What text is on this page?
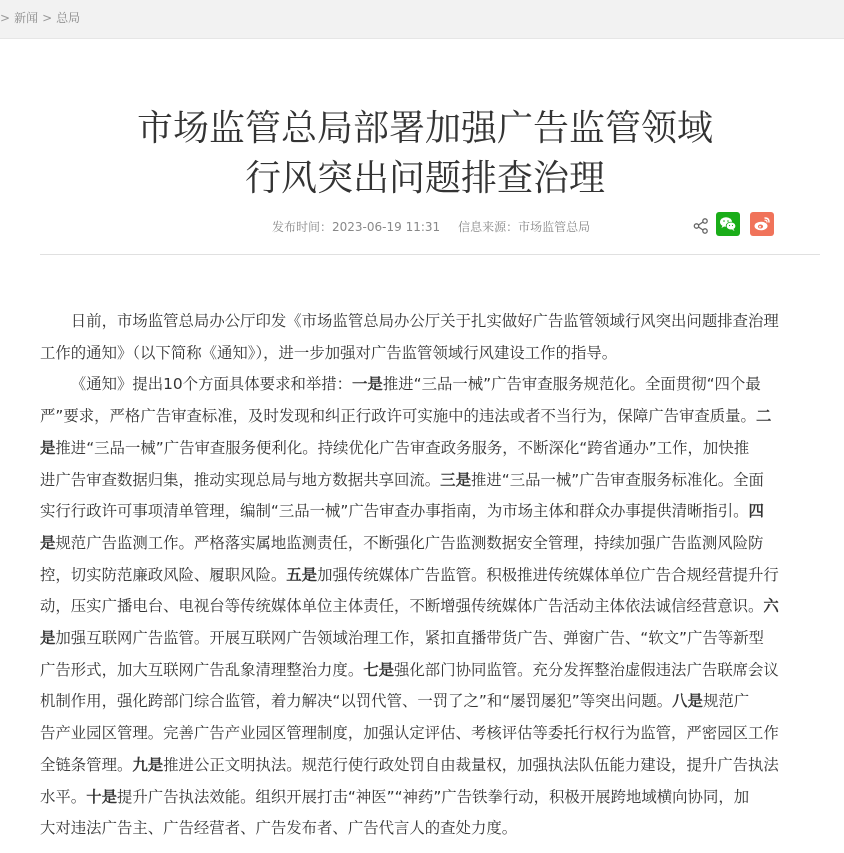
> 新闻 > 总局
市场监管总局部署加强广告监管领域
行风突出问题排查治理
发布时间：2023-06-19 11:31 信息来源：市场监管总局
日前，市场监管总局办公厅印发《市场监管总局办公厅关于扎实做好广告监管领域行风突出问题排查治理
工作的通知》（以下简称《通知》），进一步加强对广告监管领域行风建设工作的指导。
《通知》提出10个方面具体要求和举措：一是推进“三品一械”广告审查服务规范化。全面贯彻“四个最
严”要求，严格广告审查标准，及时发现和纠正行政许可实施中的违法或者不当行为，保障广告审查质量。二
是推进“三品一械”广告审查服务便利化。持续优化广告审查政务服务，不断深化“跨省通办”工作，加快推
进广告审查数据归集，推动实现总局与地方数据共享回流。三是推进“三品一械”广告审查服务标准化。全面
实行行政许可事项清单管理，编制“三品一械”广告审查办事指南，为市场主体和群众办事提供清晰指引。四
是规范广告监测工作。严格落实属地监测责任，不断强化广告监测数据安全管理，持续加强广告监测风险防
控，切实防范廉政风险、履职风险。五是加强传统媒体广告监管。积极推进传统媒体单位广告合规经营提升行
动，压实广播电台、电视台等传统媒体单位主体责任，不断增强传统媒体广告活动主体依法诚信经营意识。六
是加强互联网广告监管。开展互联网广告领域治理工作，紧扣直播带货广告、弹窗广告、“软文”广告等新型
广告形式，加大互联网广告乱象清理整治力度。七是强化部门协同监管。充分发挥整治虚假违法广告联席会议
机制作用，强化跨部门综合监管，着力解决“以罚代管、一罚了之”和“屡罚屡犯”等突出问题。八是规范广
告产业园区管理。完善广告产业园区管理制度，加强认定评估、考核评估等委托行权行为监管，严密园区工作
全链条管理。九是推进公正文明执法。规范行使行政处罚自由裁量权，加强执法队伍能力建设，提升广告执法
水平。十是提升广告执法效能。组织开展打击“神医”“神药”广告铁拳行动，积极开展跨地域横向协同，加
大对违法广告主、广告经营者、广告发布者、广告代言人的查处力度。
